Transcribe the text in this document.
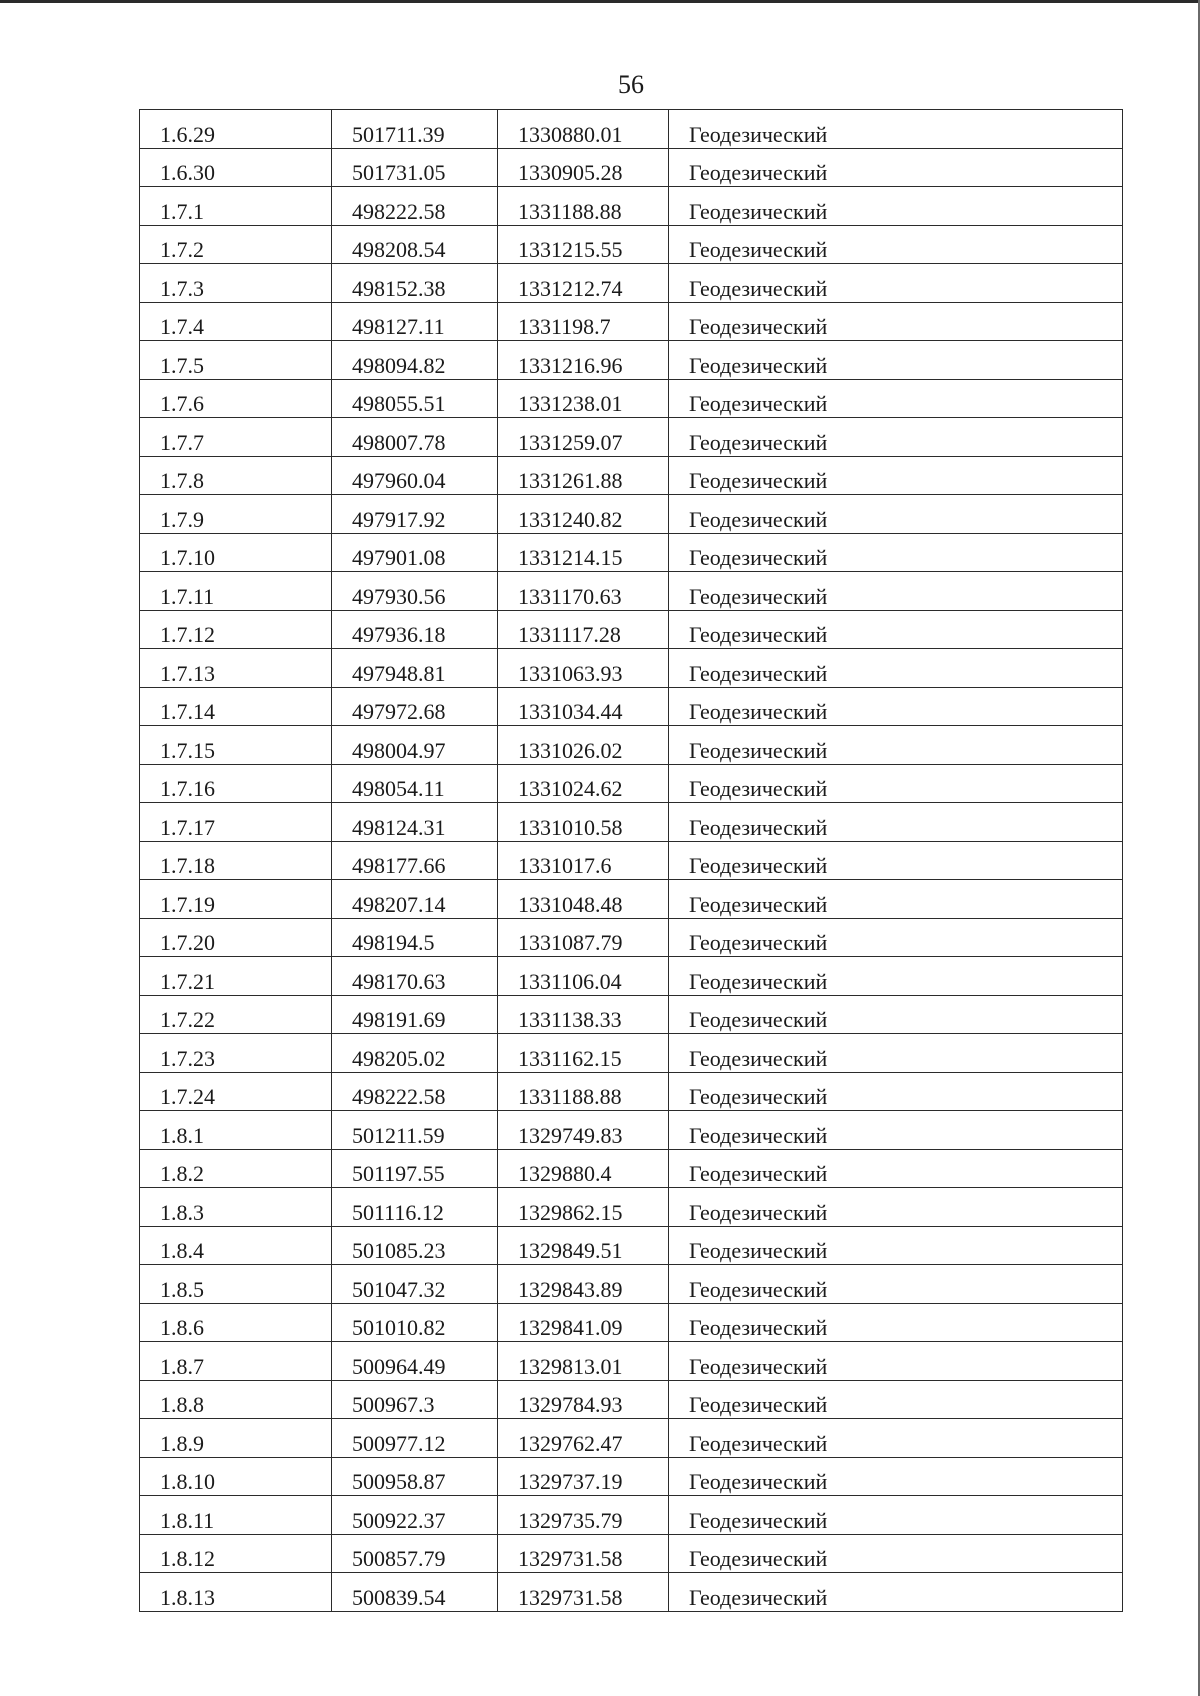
56
1.6.29	501711.39	1330880.01	Геодезический
1.6.30	501731.05	1330905.28	Геодезический
1.7.1	498222.58	1331188.88	Геодезический
1.7.2	498208.54	1331215.55	Геодезический
1.7.3	498152.38	1331212.74	Геодезический
1.7.4	498127.11	1331198.7	Геодезический
1.7.5	498094.82	1331216.96	Геодезический
1.7.6	498055.51	1331238.01	Геодезический
1.7.7	498007.78	1331259.07	Геодезический
1.7.8	497960.04	1331261.88	Геодезический
1.7.9	497917.92	1331240.82	Геодезический
1.7.10	497901.08	1331214.15	Геодезический
1.7.11	497930.56	1331170.63	Геодезический
1.7.12	497936.18	1331117.28	Геодезический
1.7.13	497948.81	1331063.93	Геодезический
1.7.14	497972.68	1331034.44	Геодезический
1.7.15	498004.97	1331026.02	Геодезический
1.7.16	498054.11	1331024.62	Геодезический
1.7.17	498124.31	1331010.58	Геодезический
1.7.18	498177.66	1331017.6	Геодезический
1.7.19	498207.14	1331048.48	Геодезический
1.7.20	498194.5	1331087.79	Геодезический
1.7.21	498170.63	1331106.04	Геодезический
1.7.22	498191.69	1331138.33	Геодезический
1.7.23	498205.02	1331162.15	Геодезический
1.7.24	498222.58	1331188.88	Геодезический
1.8.1	501211.59	1329749.83	Геодезический
1.8.2	501197.55	1329880.4	Геодезический
1.8.3	501116.12	1329862.15	Геодезический
1.8.4	501085.23	1329849.51	Геодезический
1.8.5	501047.32	1329843.89	Геодезический
1.8.6	501010.82	1329841.09	Геодезический
1.8.7	500964.49	1329813.01	Геодезический
1.8.8	500967.3	1329784.93	Геодезический
1.8.9	500977.12	1329762.47	Геодезический
1.8.10	500958.87	1329737.19	Геодезический
1.8.11	500922.37	1329735.79	Геодезический
1.8.12	500857.79	1329731.58	Геодезический
1.8.13	500839.54	1329731.58	Геодезический
